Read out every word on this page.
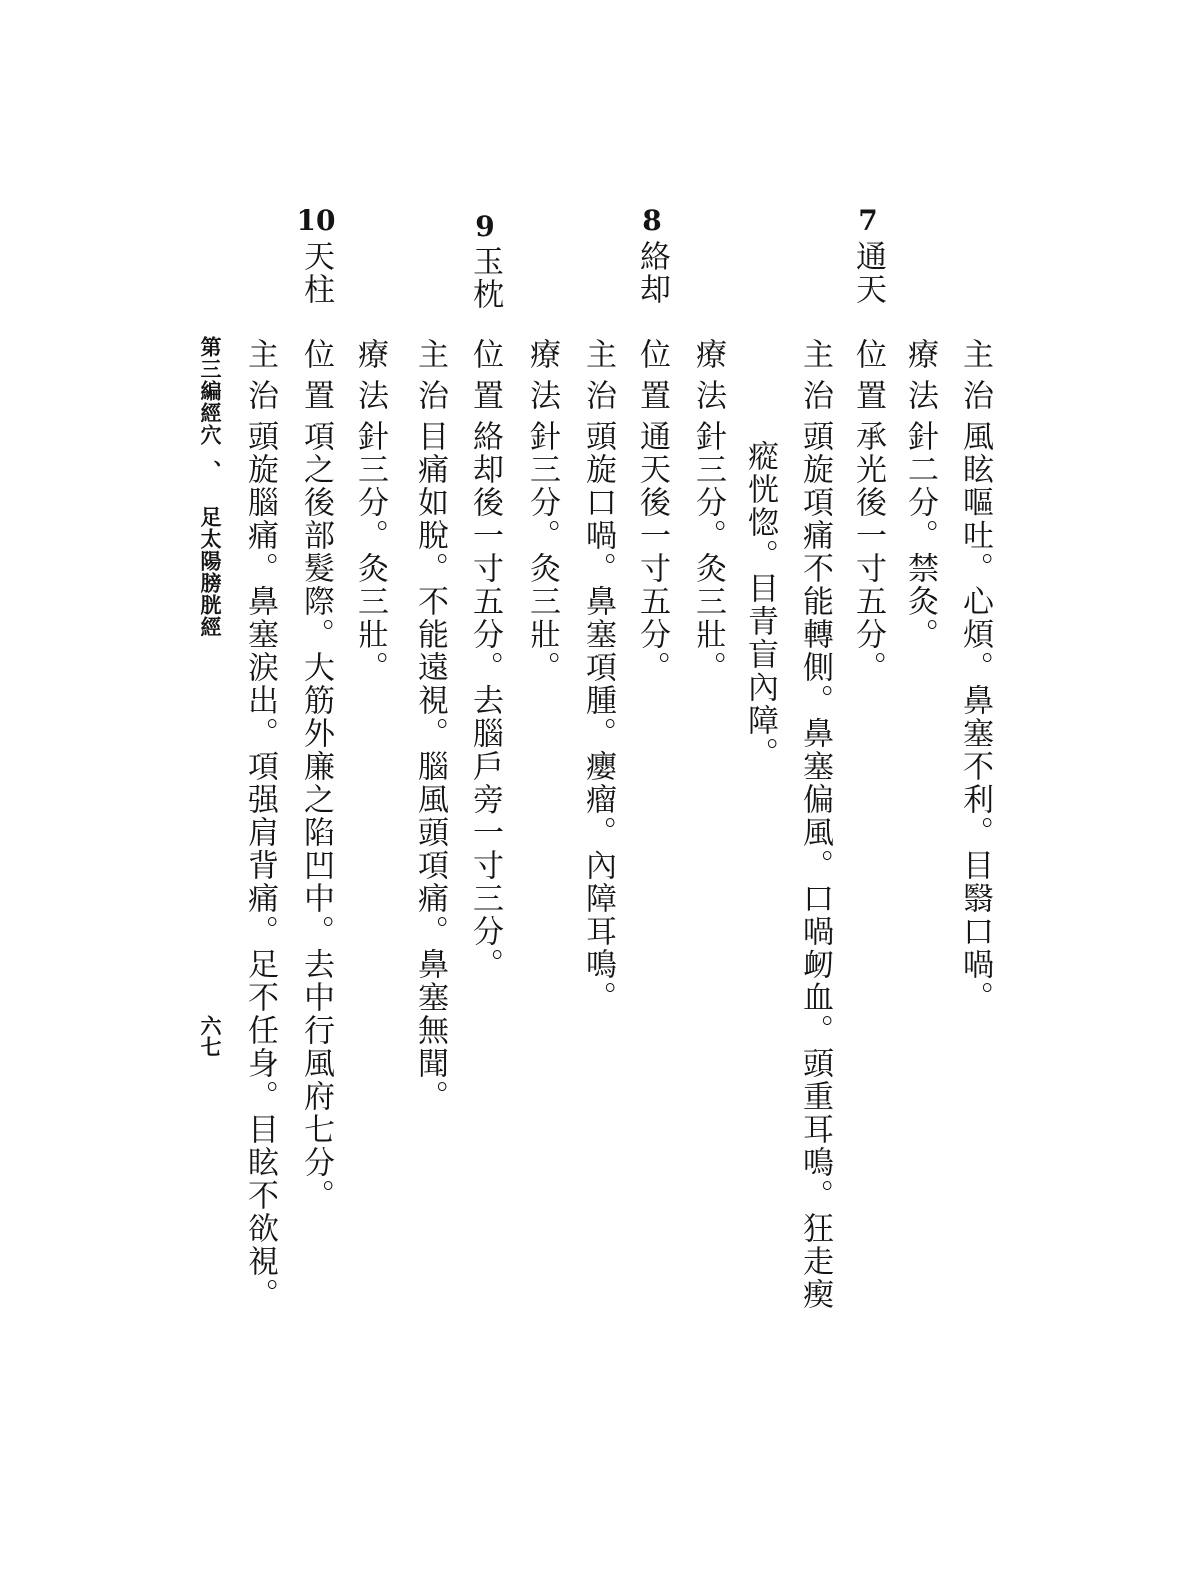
主治風眩嘔吐。心煩。鼻塞不利。目翳口喎。
療法針二分。禁灸。
7
通天
位置承光後一寸五分。
主治頭旋項痛不能轉側。鼻塞偏風。口喎衂血。頭重耳鳴。狂走瘈
瘲恍惚。目青盲內障。
療法針三分。灸三壯。
8
絡却
位置通天後一寸五分。
主治頭旋口喎。鼻塞項腫。癭瘤。內障耳鳴。
療法針三分。灸三壯。
9
玉枕
位置絡却後一寸五分。去腦戶旁一寸三分。
主治目痛如脫。不能遠視。腦風頭項痛。鼻塞無聞。
療法針三分。灸三壯。
10
天柱
位置項之後部髮際。大筋外廉之陷凹中。去中行風府七分。
主治頭旋腦痛。鼻塞涙出。項强肩背痛。足不任身。目眩不欲視。
第三編經穴、足太陽膀胱經
六七
